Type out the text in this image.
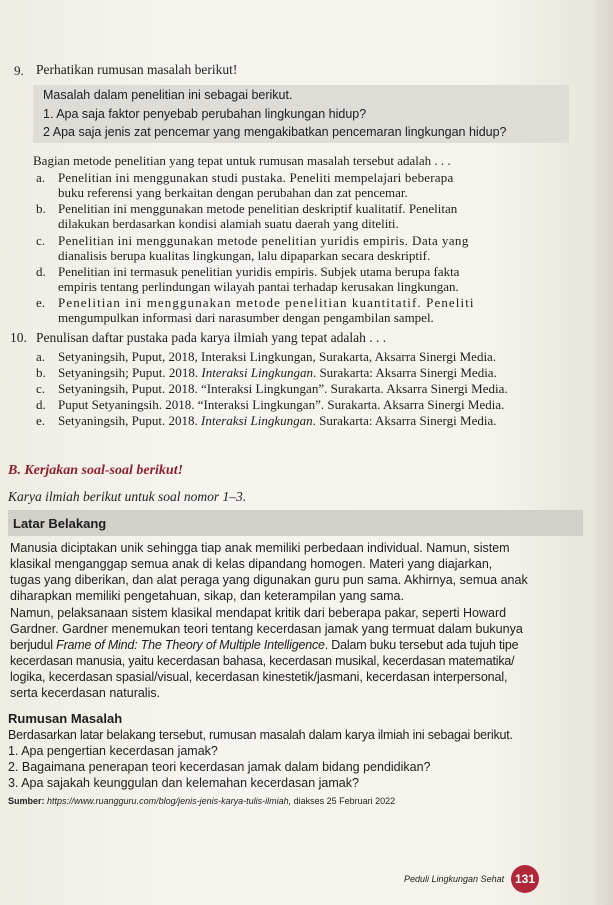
9. Perhatikan rumusan masalah berikut!
Masalah dalam penelitian ini sebagai berikut.
1. Apa saja faktor penyebab perubahan lingkungan hidup?
2 Apa saja jenis zat pencemar yang mengakibatkan pencemaran lingkungan hidup?
Bagian metode penelitian yang tepat untuk rumusan masalah tersebut adalah . . .
a. Penelitian ini menggunakan studi pustaka. Peneliti mempelajari beberapa
buku referensi yang berkaitan dengan perubahan dan zat pencemar.
b. Penelitian ini menggunakan metode penelitian deskriptif kualitatif. Penelitan
dilakukan berdasarkan kondisi alamiah suatu daerah yang diteliti.
c. Penelitian ini menggunakan metode penelitian yuridis empiris. Data yang
dianalisis berupa kualitas lingkungan, lalu dipaparkan secara deskriptif.
d. Penelitian ini termasuk penelitian yuridis empiris. Subjek utama berupa fakta
empiris tentang perlindungan wilayah pantai terhadap kerusakan lingkungan.
e. Penelitian ini menggunakan metode penelitian kuantitatif. Peneliti
mengumpulkan informasi dari narasumber dengan pengambilan sampel.
10. Penulisan daftar pustaka pada karya ilmiah yang tepat adalah . . .
a. Setyaningsih, Puput, 2018, Interaksi Lingkungan, Surakarta, Aksarra Sinergi Media.
b. Setyaningsih; Puput. 2018. Interaksi Lingkungan. Surakarta: Aksarra Sinergi Media.
c. Setyaningsih, Puput. 2018. “Interaksi Lingkungan”. Surakarta. Aksarra Sinergi Media.
d. Puput Setyaningsih. 2018. “Interaksi Lingkungan”. Surakarta. Aksarra Sinergi Media.
e. Setyaningsih, Puput. 2018. Interaksi Lingkungan. Surakarta: Aksarra Sinergi Media.
B. Kerjakan soal-soal berikut!
Karya ilmiah berikut untuk soal nomor 1–3.
Latar Belakang
Manusia diciptakan unik sehingga tiap anak memiliki perbedaan individual. Namun, sistem
klasikal menganggap semua anak di kelas dipandang homogen. Materi yang diajarkan,
tugas yang diberikan, dan alat peraga yang digunakan guru pun sama. Akhirnya, semua anak
diharapkan memiliki pengetahuan, sikap, dan keterampilan yang sama.
Namun, pelaksanaan sistem klasikal mendapat kritik dari beberapa pakar, seperti Howard
Gardner. Gardner menemukan teori tentang kecerdasan jamak yang termuat dalam bukunya
berjudul Frame of Mind: The Theory of Multiple Intelligence. Dalam buku tersebut ada tujuh tipe
kecerdasan manusia, yaitu kecerdasan bahasa, kecerdasan musikal, kecerdasan matematika/
logika, kecerdasan spasial/visual, kecerdasan kinestetik/jasmani, kecerdasan interpersonal,
serta kecerdasan naturalis.
Rumusan Masalah
Berdasarkan latar belakang tersebut, rumusan masalah dalam karya ilmiah ini sebagai berikut.
1. Apa pengertian kecerdasan jamak?
2. Bagaimana penerapan teori kecerdasan jamak dalam bidang pendidikan?
3. Apa sajakah keunggulan dan kelemahan kecerdasan jamak?
Sumber: https://www.ruangguru.com/blog/jenis-jenis-karya-tulis-ilmiah, diakses 25 Februari 2022
Peduli Lingkungan Sehat 131
